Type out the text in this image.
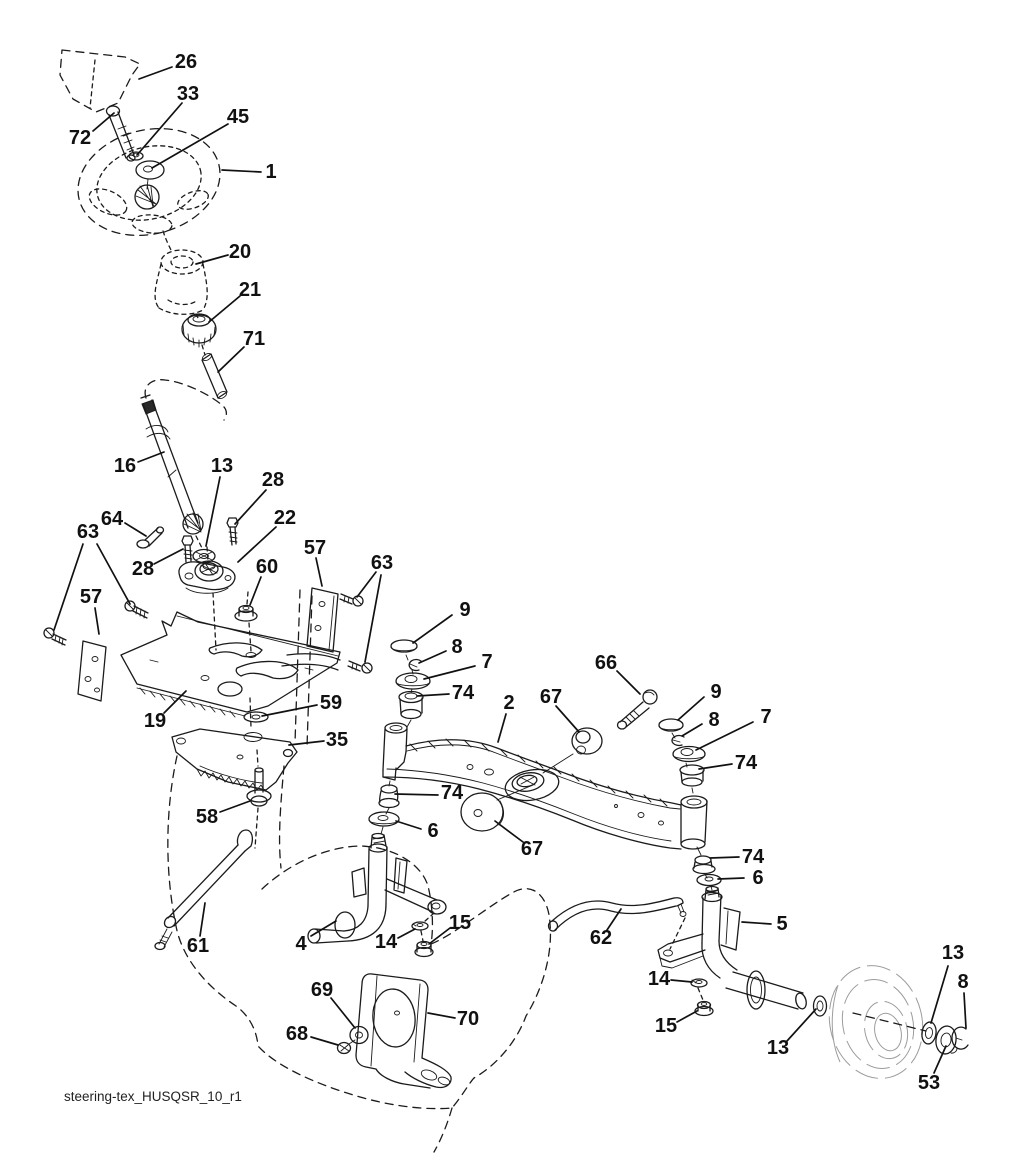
26
33
45
72
1
20
21
71
16	13
28
64	22
63
28	60
57
63
57
19
59
35
58
9
8
7
74 2 67
66
9
8 7
74
74
6
74
6
67
61	4	14
15
69
68
70
62
5
14
15
13
13
8
53
steering-tex_HUSQSR_10_r1
